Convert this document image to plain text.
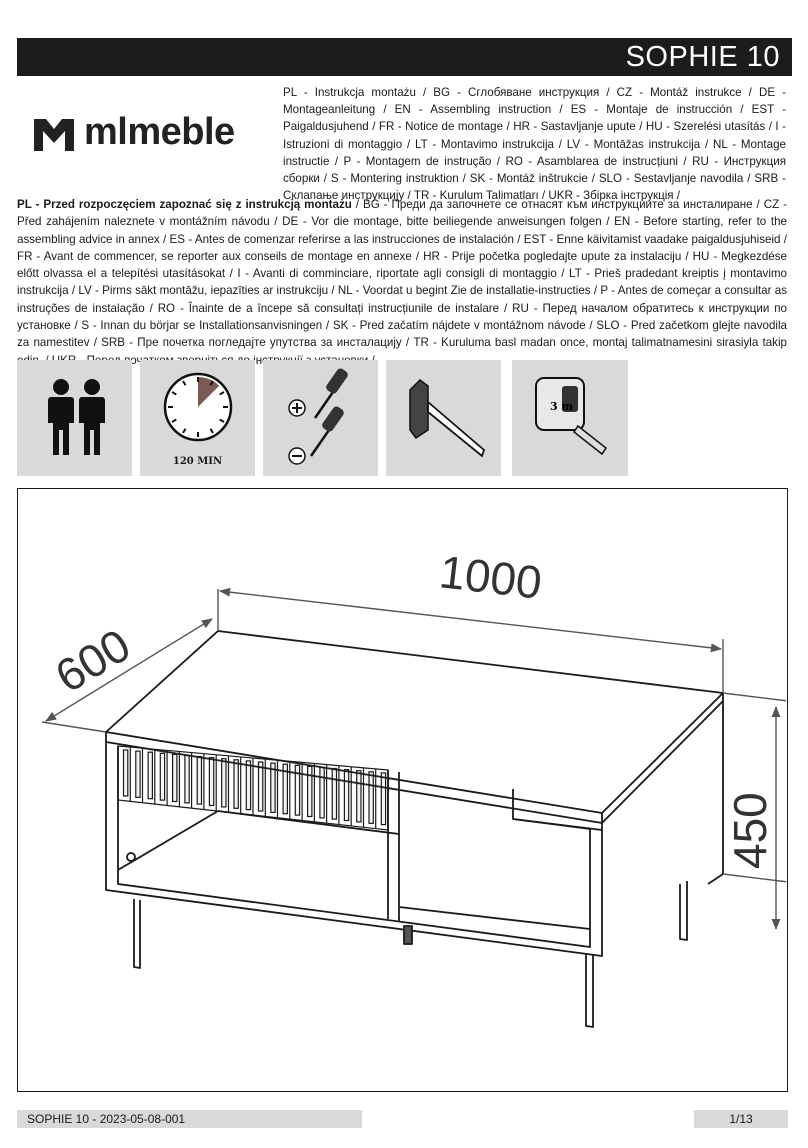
SOPHIE 10
mlmeble
PL - Instrukcja montażu / BG - Сглобяване инструкция / CZ - Montáž instrukce / DE - Montageanleitung / EN - Assembling instruction / ES - Montaje de instrucción / EST - Paigaldusjuhend / FR - Notice de montage / HR - Sastavljanje upute / HU - Szerelési utasítás / I - Istruzioni di montaggio / LT - Montavimo instrukcija / LV - Montāžas instrukcija / NL - Montage instructie / P - Montagem de instrução / RO - Asamblarea de instrucțiuni / RU - Инструкция сборки / S - Montering instruktion / SK - Montáž inštrukcie / SLO - Sestavljanje navodila / SRB - Склапање инструкцију / TR - Kurulum Talimatları / UKR - Збірка інструкція /
PL - Przed rozpoczęciem zapoznać się z instrukcją montażu / BG - Преди да започнете се отнасят към инструкциите за инсталиране / CZ - Před zahájením naleznete v montážním návodu / DE - Vor die montage, bitte beiliegende anweisungen folgen / EN - Before starting, refer to the assembling advice in annex / ES - Antes de comenzar referirse a las instrucciones de instalación / EST - Enne käivitamist vaadake paigaldusjuhiseid / FR - Avant de commencer, se reporter aux conseils de montage en annexe / HR - Prije početka pogledajte upute za instalaciju / HU - Megkezdése előtt olvassa el a telepítési utasításokat / I - Avanti di comminciare, riportate agli consigli di montaggio / LT - Prieš pradedant kreiptis į montavimo instrukcija / LV - Pirms sākt montāžu, iepazīties ar instrukciju / NL - Voordat u begint Zie de installatie-instructies / P - Antes de começar a consultar as instruções de instalação / RO - Înainte de a începe să consultați instrucțiunile de instalare / RU - Перед началом обратитесь к инструкции по установке / S - Innan du börjar se Installationsanvisningen / SK - Pred začatím nájdete v montážnom návode / SLO - Pred začetkom glejte navodila za namestitev / SRB - Пре почетка погледајте упутства за инсталацију / TR - Kuruluma basl madan once, montaj talimatnamesini sirasiyla takip
120 MIN
3 m
1000
600
450
SOPHIE 10 - 2023-05-08-001	1/13
